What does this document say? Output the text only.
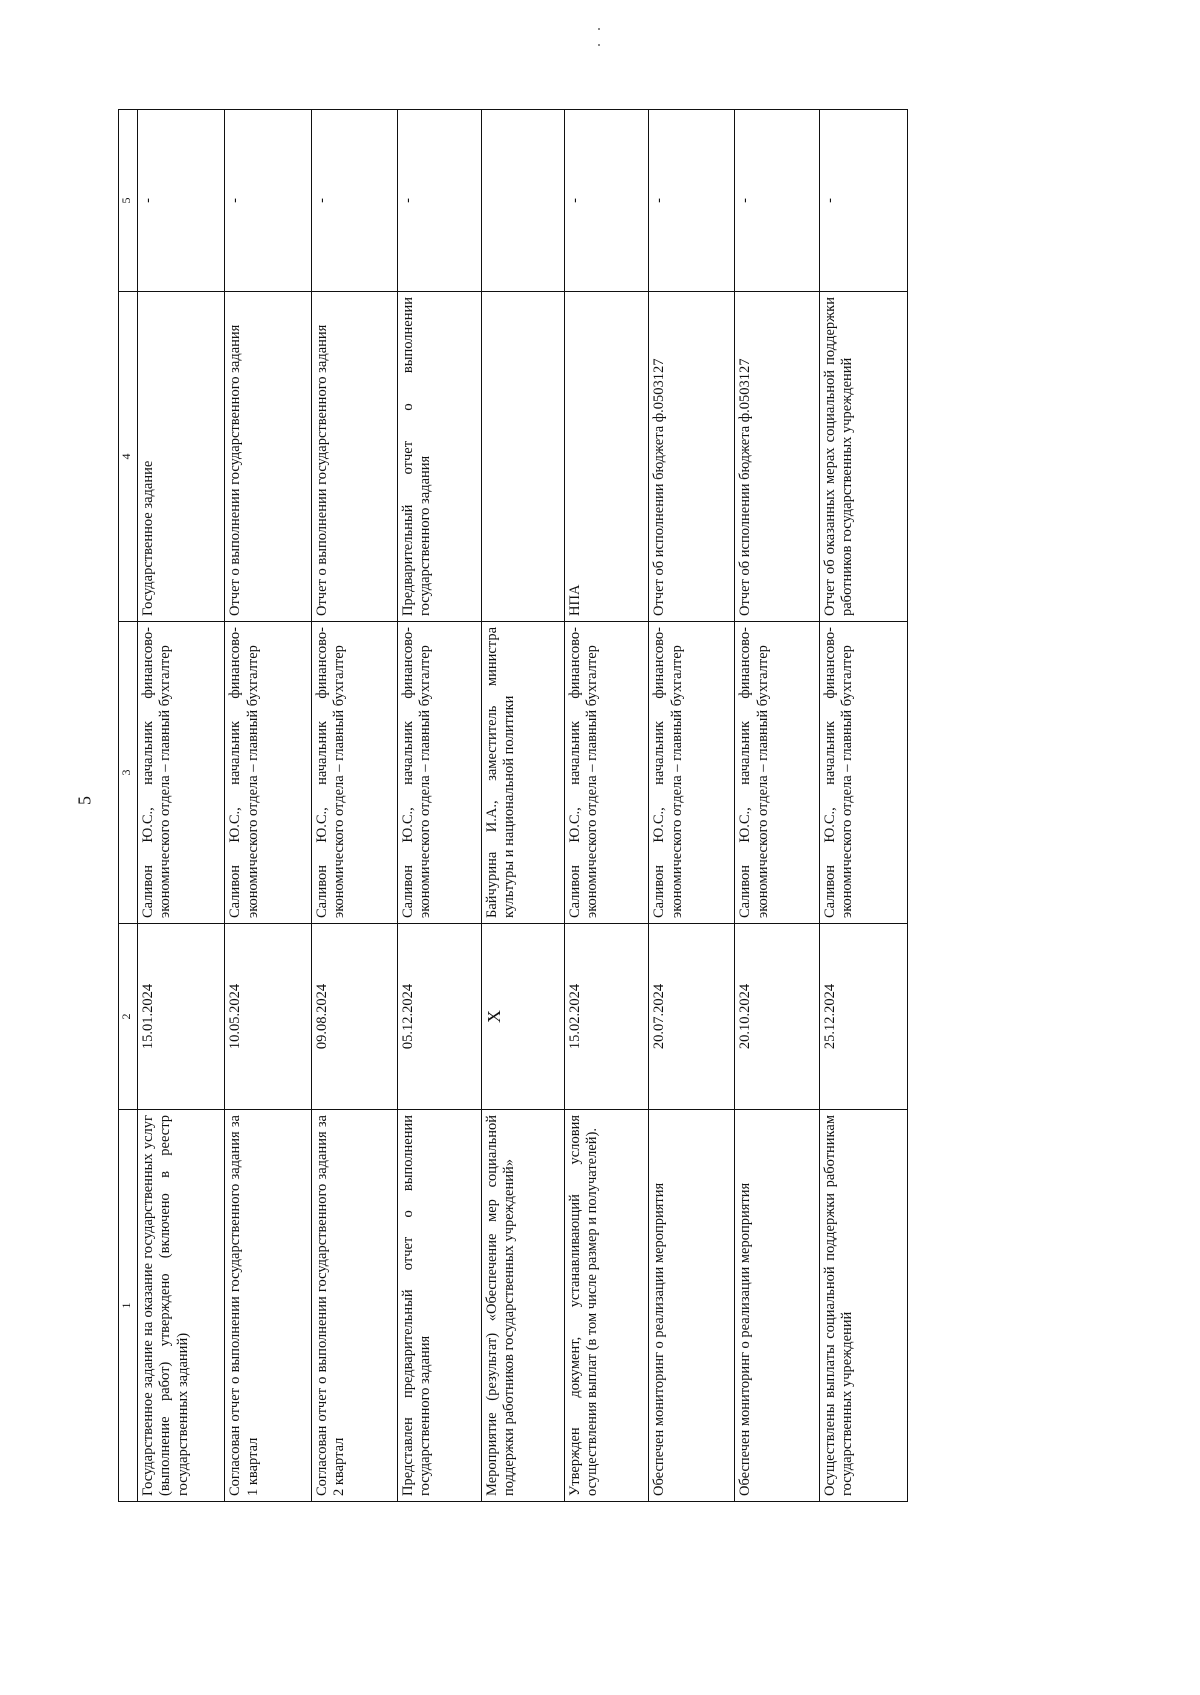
5
1	2	3	4	5
Государственное задание на оказание государственных услуг (выполнение работ) утверждено (включено в реестр государственных заданий)	15.01.2024	Саливон Ю.С., начальник финансово-экономического отдела – главный бухгалтер	Государственное задание	-
Согласован отчет о выполнении государственного задания за 1 квартал	10.05.2024	Саливон Ю.С., начальник финансово-экономического отдела – главный бухгалтер	Отчет о выполнении государственного задания	-
Согласован отчет о выполнении государственного задания за 2 квартал	09.08.2024	Саливон Ю.С., начальник финансово-экономического отдела – главный бухгалтер	Отчет о выполнении государственного задания	-
Представлен предварительный отчет о выполнении государственного задания	05.12.2024	Саливон Ю.С., начальник финансово-экономического отдела – главный бухгалтер	Предварительный отчет о выполнении государственного задания	-
Мероприятие (результат) «Обеспечение мер социальной поддержки работников государственных учреждений»	Х	Байчурина И.А., заместитель министра культуры и национальной политики		
Утвержден документ, устанавливающий условия осуществления выплат (в том числе размер и получателей).	15.02.2024	Саливон Ю.С., начальник финансово-экономического отдела – главный бухгалтер	НПА	-
Обеспечен мониторинг о реализации мероприятия	20.07.2024	Саливон Ю.С., начальник финансово-экономического отдела – главный бухгалтер	Отчет об исполнении бюджета ф.0503127	-
Обеспечен мониторинг о реализации мероприятия	20.10.2024	Саливон Ю.С., начальник финансово-экономического отдела – главный бухгалтер	Отчет об исполнении бюджета ф.0503127	-
Осуществлены выплаты социальной поддержки работникам государственных учреждений	25.12.2024	Саливон Ю.С., начальник финансово-экономического отдела – главный бухгалтер	Отчет об оказанных мерах социальной поддержки работников государственных учреждений	-
